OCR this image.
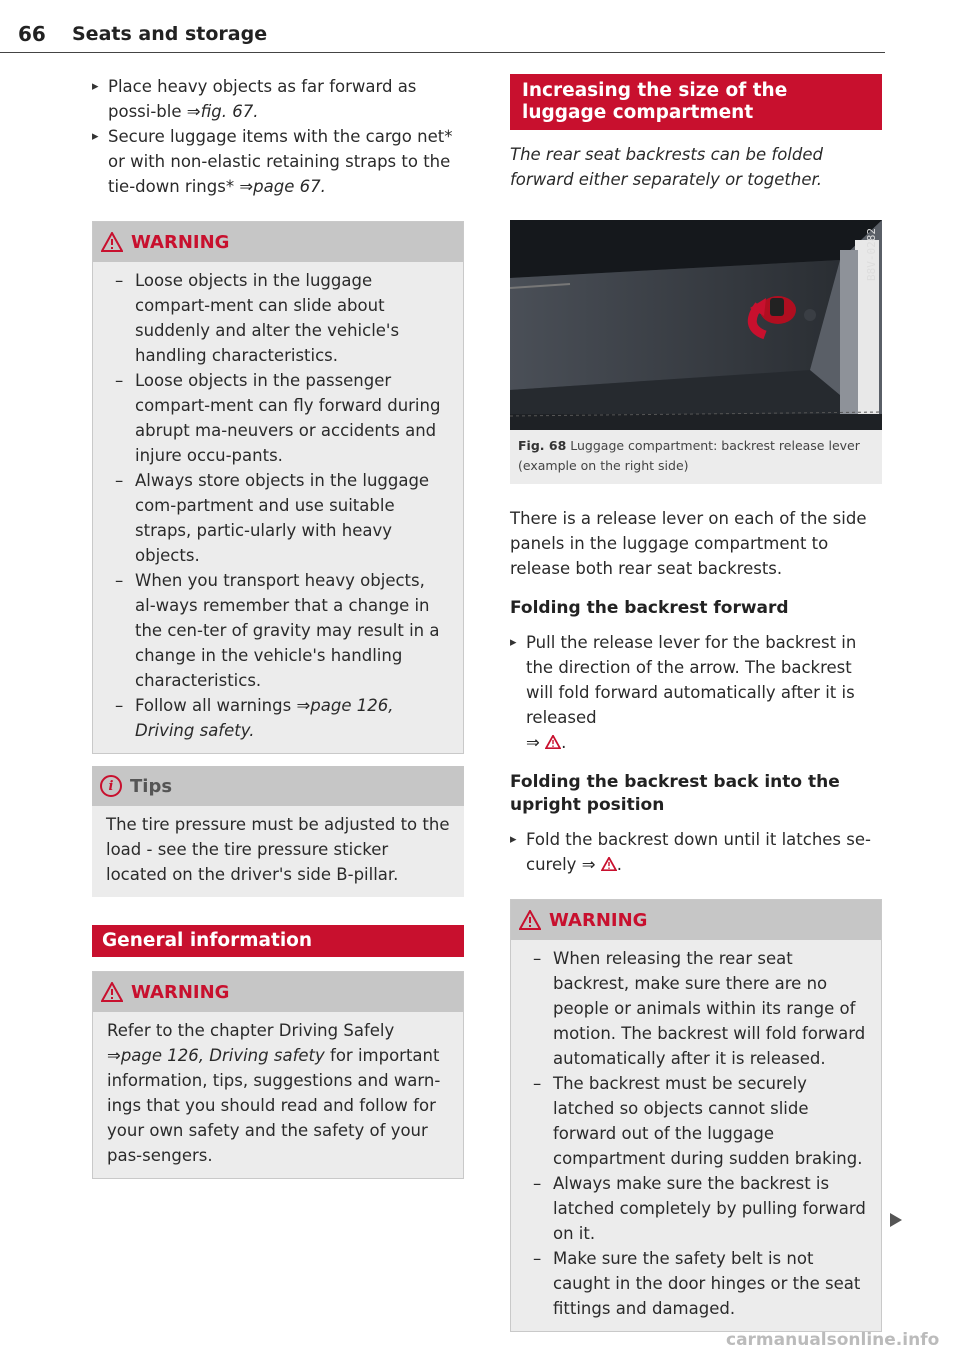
66 Seats and storage

▸ Place heavy objects as far forward as possi-ble ⇒fig. 67.

▸ Secure luggage items with the cargo net* or with non-elastic retaining straps to the tie-down rings* ⇒page 67.

WARNING
– Loose objects in the luggage compart-ment can slide about suddenly and alter the vehicle's handling characteristics.
– Loose objects in the passenger compart-ment can fly forward during abrupt ma-neuvers or accidents and injure occu-pants.
– Always store objects in the luggage com-partment and use suitable straps, partic-ularly with heavy objects.
– When you transport heavy objects, al-ways remember that a change in the cen-ter of gravity may result in a change in the vehicle's handling characteristics.
– Follow all warnings ⇒page 126, Driving safety.
i Tips
The tire pressure must be adjusted to the load - see the tire pressure sticker located on the driver's side B-pillar.
General information
WARNING
Refer to the chapter Driving Safely ⇒page 126, Driving safety for important information, tips, suggestions and warn-ings that you should read and follow for your own safety and the safety of your pas-sengers.
Increasing the size of the luggage compartment

The rear seat backrests can be folded forward either separately or together.

B8V-0282
Fig. 68 Luggage compartment: backrest release lever (example on the right side)

There is a release lever on each of the side panels in the luggage compartment to release both rear seat backrests.

Folding the backrest forward

▸ Pull the release lever for the backrest in the direction of the arrow. The backrest will fold forward automatically after it is released
⇒ .

Folding the backrest back into the upright position

▸ Fold the backrest down until it latches se-curely ⇒ .

WARNING
– When releasing the rear seat backrest, make sure there are no people or animals within its range of motion. The backrest will fold forward automatically after it is released.
– The backrest must be securely latched so objects cannot slide forward out of the luggage compartment during sudden braking.
– Always make sure the backrest is latched completely by pulling forward on it.
– Make sure the safety belt is not caught in the door hinges or the seat fittings and damaged.
carmanualsonline.info
